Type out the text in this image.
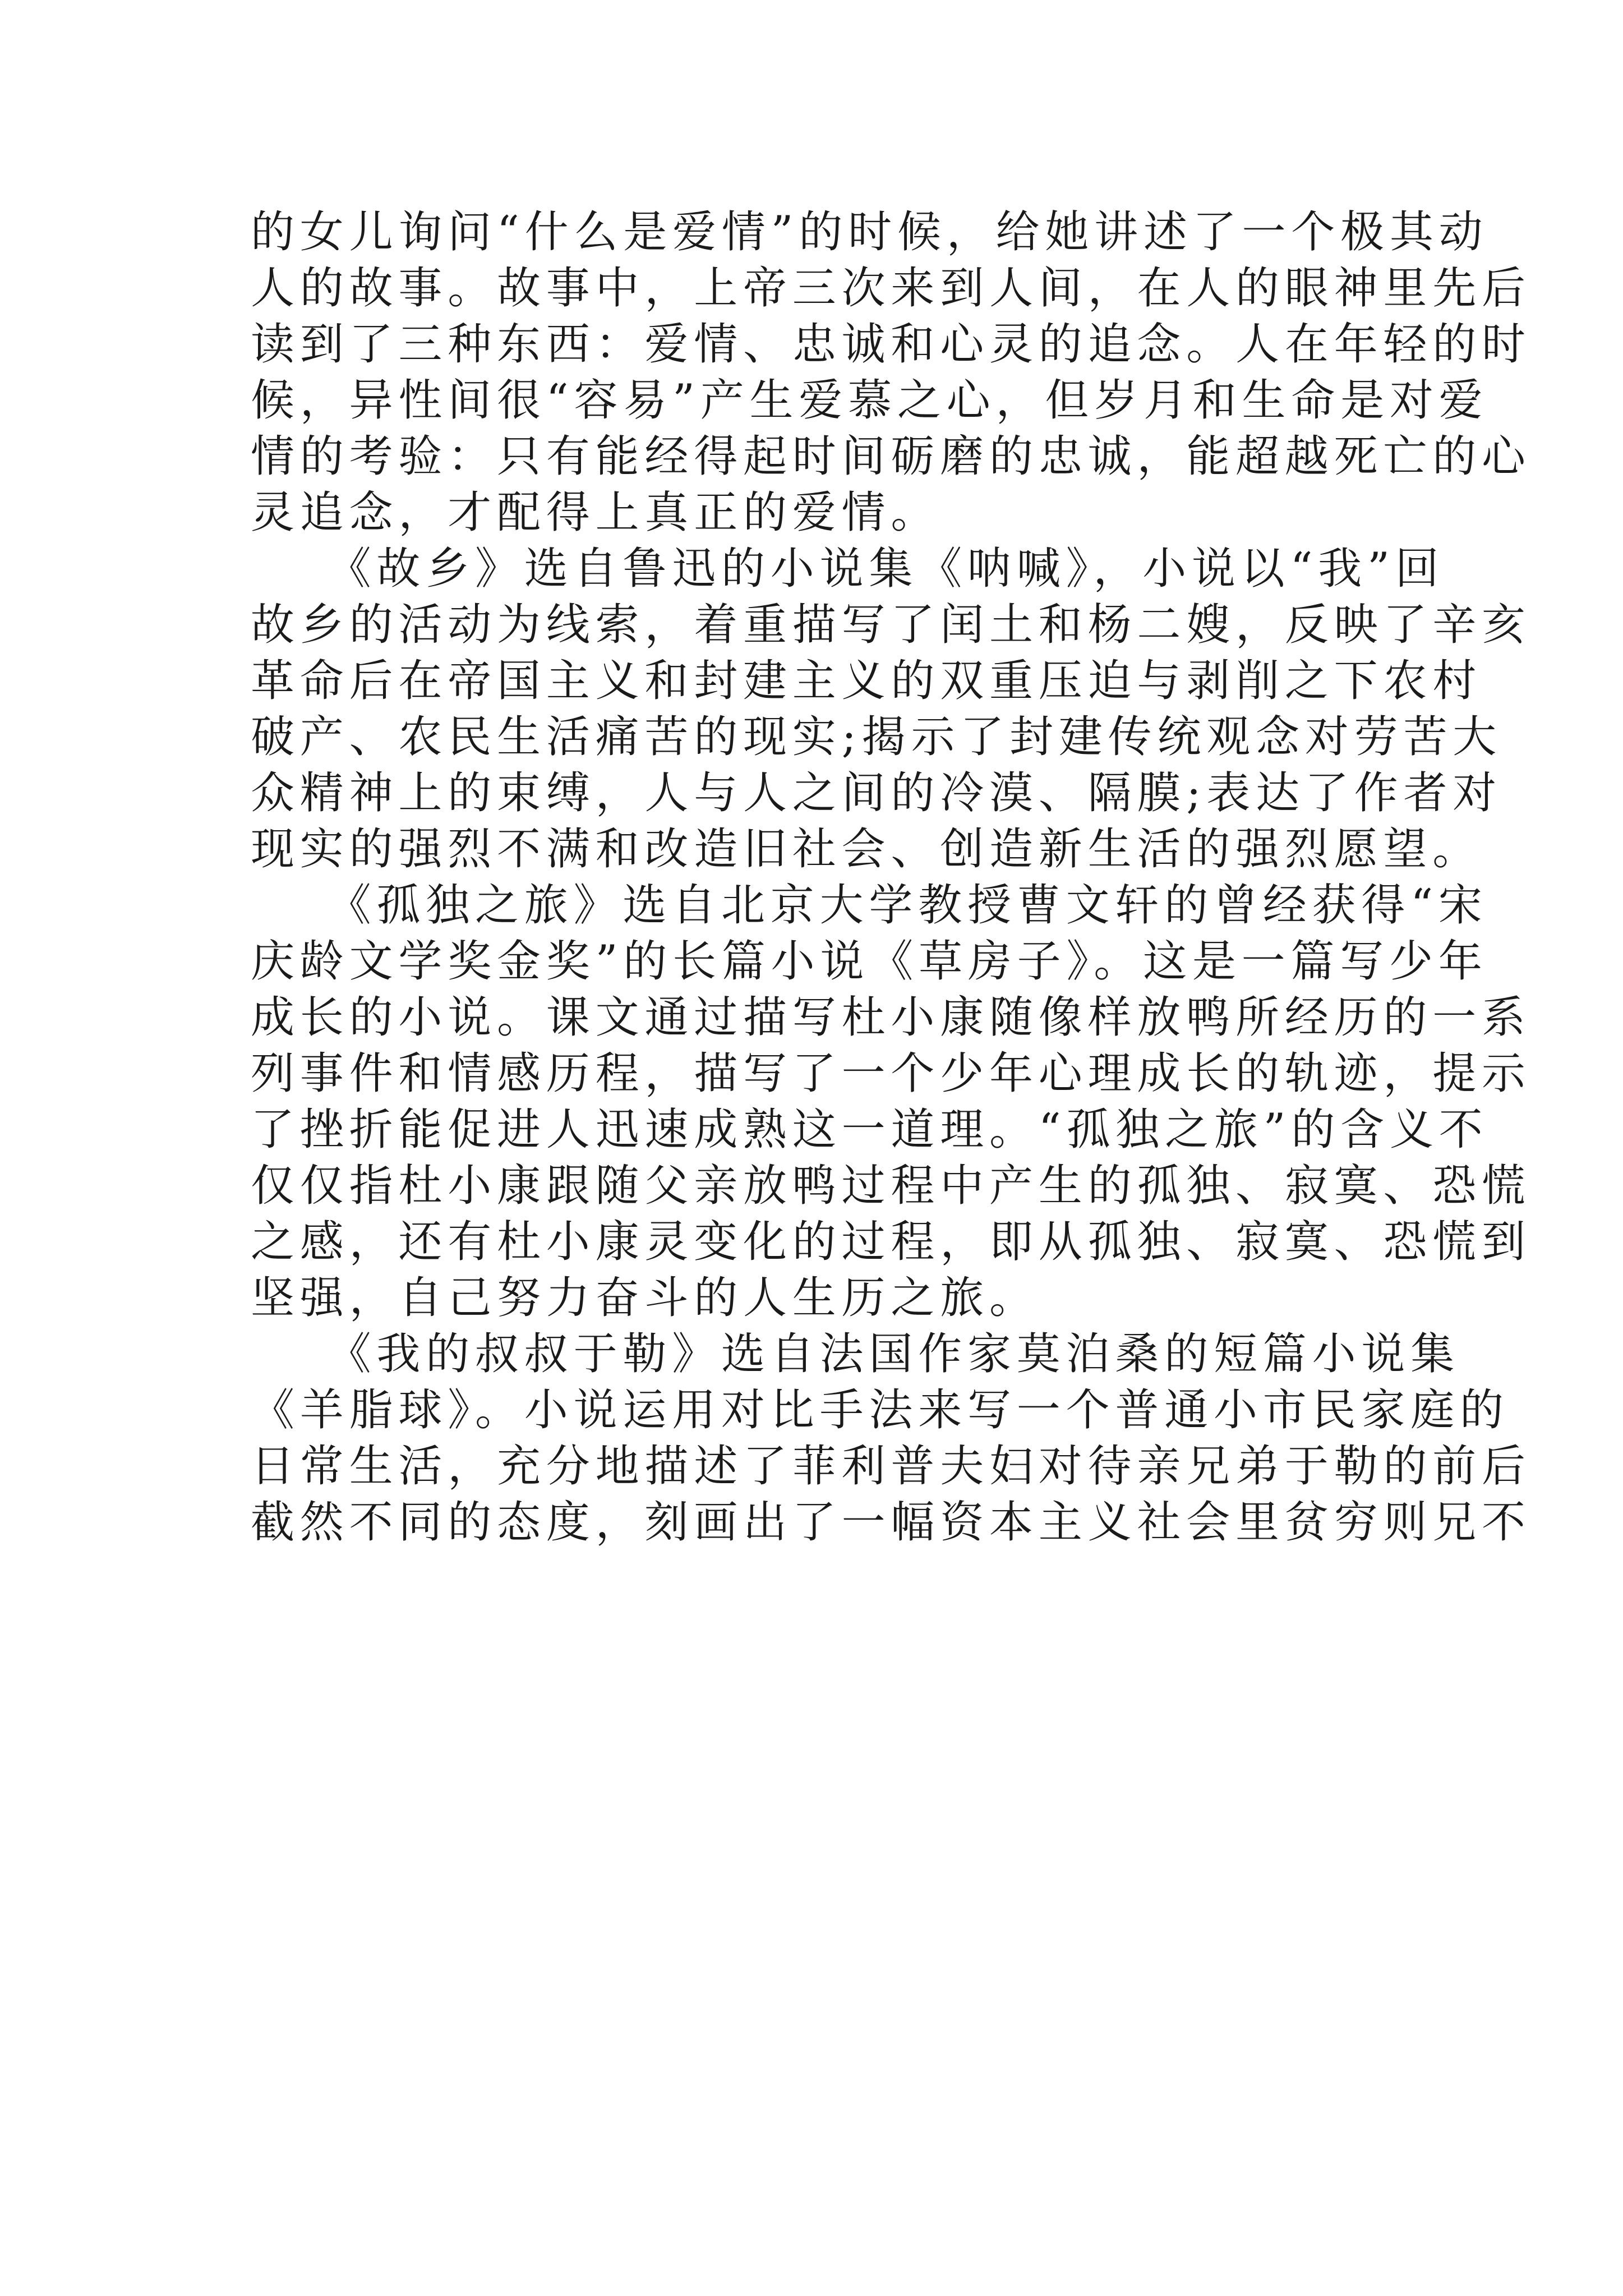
的女儿询问“什么是爱情”的时候，给她讲述了一个极其动
人的故事。故事中，上帝三次来到人间，在人的眼神里先后
读到了三种东西：爱情、忠诚和心灵的追念。人在年轻的时
候，异性间很“容易”产生爱慕之心，但岁月和生命是对爱
情的考验：只有能经得起时间砺磨的忠诚，能超越死亡的心
灵追念，才配得上真正的爱情。
　　《故乡》选自鲁迅的小说集《呐喊》，小说以“我”回
故乡的活动为线索，着重描写了闰土和杨二嫂，反映了辛亥
革命后在帝国主义和封建主义的双重压迫与剥削之下农村
破产、农民生活痛苦的现实;揭示了封建传统观念对劳苦大
众精神上的束缚，人与人之间的冷漠、隔膜;表达了作者对
现实的强烈不满和改造旧社会、创造新生活的强烈愿望。
　　《孤独之旅》选自北京大学教授曹文轩的曾经获得“宋
庆龄文学奖金奖”的长篇小说《草房子》。这是一篇写少年
成长的小说。课文通过描写杜小康随像样放鸭所经历的一系
列事件和情感历程，描写了一个少年心理成长的轨迹，提示
了挫折能促进人迅速成熟这一道理。“孤独之旅”的含义不
仅仅指杜小康跟随父亲放鸭过程中产生的孤独、寂寞、恐慌
之感，还有杜小康灵变化的过程，即从孤独、寂寞、恐慌到
坚强，自己努力奋斗的人生历之旅。
　　《我的叔叔于勒》选自法国作家莫泊桑的短篇小说集
《羊脂球》。小说运用对比手法来写一个普通小市民家庭的
日常生活，充分地描述了菲利普夫妇对待亲兄弟于勒的前后
截然不同的态度，刻画出了一幅资本主义社会里贫穷则兄不
